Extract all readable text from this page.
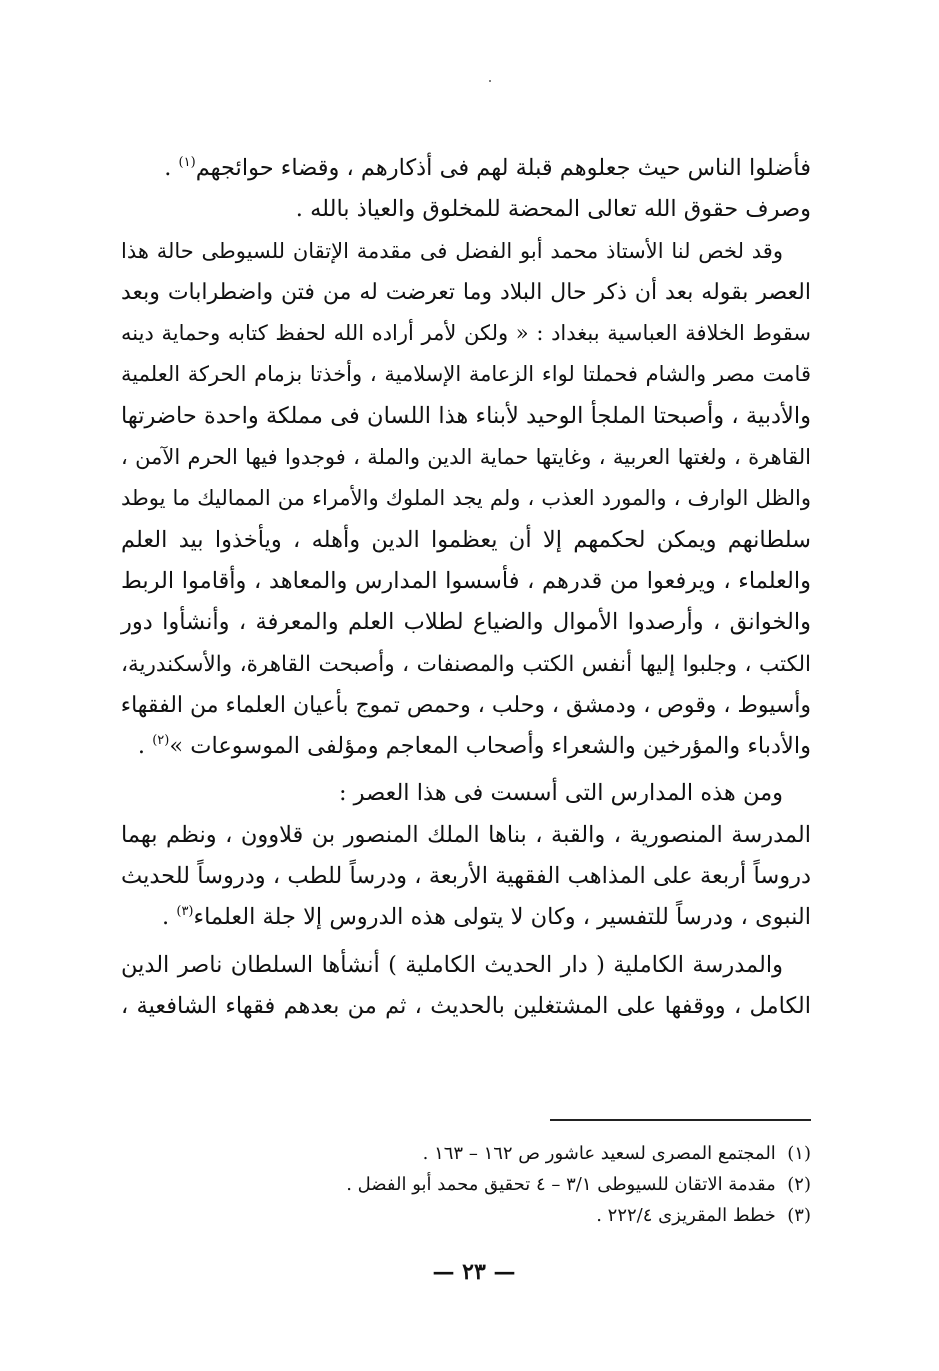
فأضلوا الناس حيث جعلوهم قبلة لهم فى أذكارهم ، وقضاء حوائجهم$^{(١)}$ .
وصرف حقوق الله تعالى المحضة للمخلوق والعياذ بالله .
وقد لخص لنا الأستاذ محمد أبو الفضل فى مقدمة الإتقان للسيوطى حالة هذا
العصر بقوله بعد أن ذكر حال البلاد وما تعرضت له من فتن واضطرابات وبعد
سقوط الخلافة العباسية ببغداد : « ولكن لأمر أراده الله لحفظ كتابه وحماية دينه
قامت مصر والشام فحملتا لواء الزعامة الإسلامية ، وأخذتا بزمام الحركة العلمية
والأدبية ، وأصبحتا الملجأ الوحيد لأبناء هذا اللسان فى مملكة واحدة حاضرتها
القاهرة ، ولغتها العربية ، وغايتها حماية الدين والملة ، فوجدوا فيها الحرم الآمن ،
والظل الوارف ، والمورد العذب ، ولم يجد الملوك والأمراء من المماليك ما يوطد
سلطانهم ويمكن لحكمهم إلا أن يعظموا الدين وأهله ، ويأخذوا بيد العلم
والعلماء ، ويرفعوا من قدرهم ، فأسسوا المدارس والمعاهد ، وأقاموا الربط
والخوانق ، وأرصدوا الأموال والضياع لطلاب العلم والمعرفة ، وأنشأوا دور
الكتب ، وجلبوا إليها أنفس الكتب والمصنفات ، وأصبحت القاهرة، والأسكندرية،
وأسيوط ، وقوص ، ودمشق ، وحلب ، وحمص تموج بأعيان العلماء من الفقهاء
والأدباء والمؤرخين والشعراء وأصحاب المعاجم ومؤلفى الموسوعات »$^{(٢)}$ .
ومن هذه المدارس التى أسست فى هذا العصر :
المدرسة المنصورية ، والقبة ، بناها الملك المنصور بن قلاوون ، ونظم بهما
دروساً أربعة على المذاهب الفقهية الأربعة ، ودرساً للطب ، ودروساً للحديث
النبوى ، ودرساً للتفسير ، وكان لا يتولى هذه الدروس إلا جلة العلماء$^{(٣)}$ .
والمدرسة الكاملية ( دار الحديث الكاملية ) أنشأها السلطان ناصر الدين
الكامل ، ووقفها على المشتغلين بالحديث ، ثم من بعدهم فقهاء الشافعية ،
(١)  المجتمع المصرى لسعيد عاشور ص ١٦٢ – ١٦٣ .
(٢)  مقدمة الاتقان للسيوطى ٣/١ – ٤ تحقيق محمد أبو الفضل .
(٣)  خطط المقريزى ٢٢٢/٤ .
— ٢٣ —
